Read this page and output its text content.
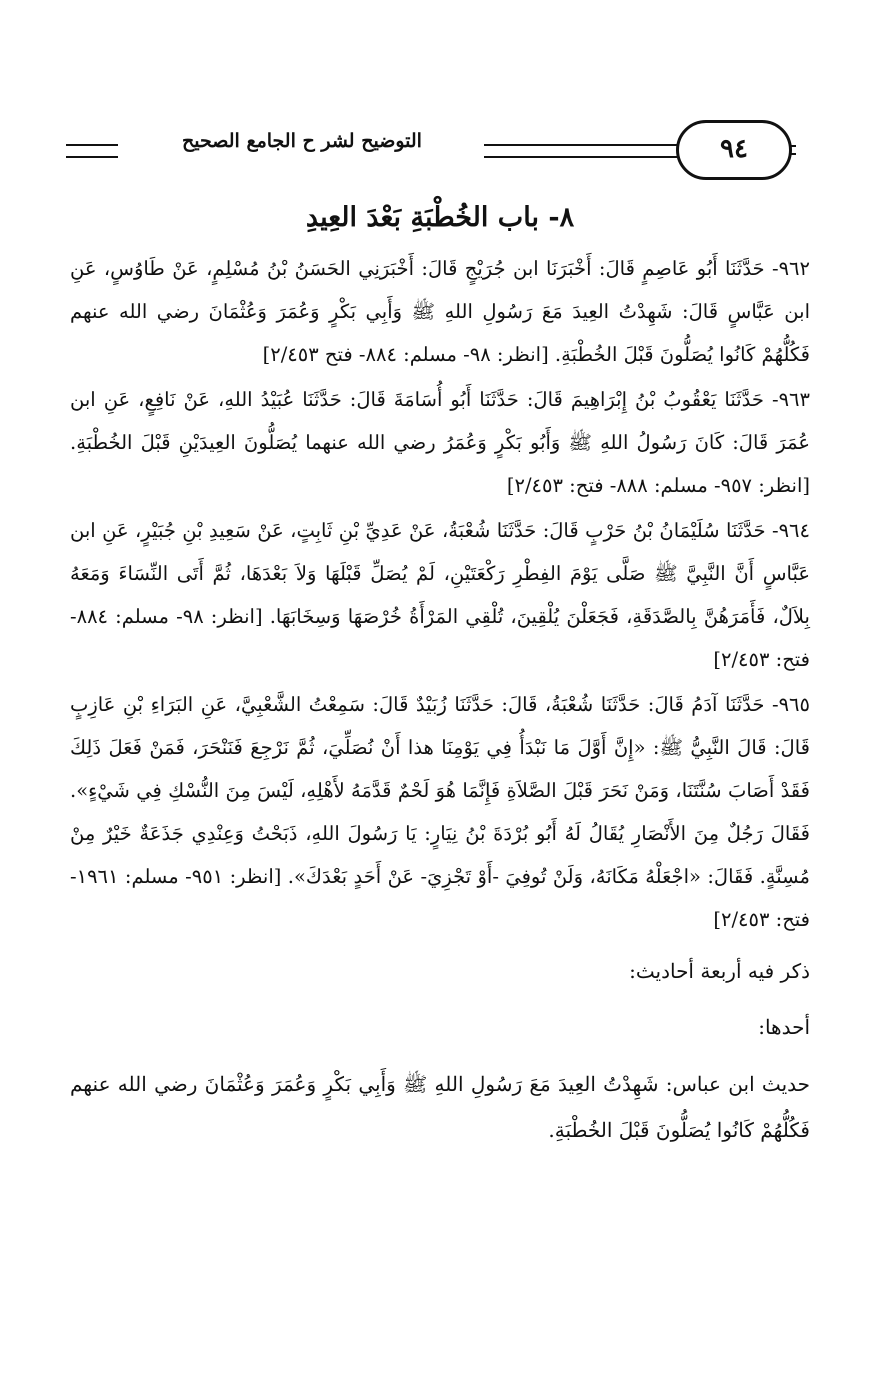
التوضيح لشر ح الجامع الصحيح	٩٤
٨- باب الخُطْبَةِ بَعْدَ العِيدِ

٩٦٢- حَدَّثَنَا أَبُو عَاصِمٍ قَالَ: أَخْبَرَنَا ابن جُرَيْجٍ قَالَ: أَخْبَرَنِي الحَسَنُ بْنُ مُسْلِمٍ، عَنْ طَاوُسٍ، عَنِ ابن عَبَّاسٍ قَالَ: شَهِدْتُ العِيدَ مَعَ رَسُولِ اللهِ ﷺ وَأَبِي بَكْرٍ وَعُمَرَ وَعُثْمَانَ رضي الله عنهم فَكُلُّهُمْ كَانُوا يُصَلُّونَ قَبْلَ الخُطْبَةِ. [انظر: ٩٨- مسلم: ٨٨٤- فتح ٢/٤٥٣]

٩٦٣- حَدَّثَنَا يَعْقُوبُ بْنُ إِبْرَاهِيمَ قَالَ: حَدَّثَنَا أَبُو أُسَامَةَ قَالَ: حَدَّثَنَا عُبَيْدُ اللهِ، عَنْ نَافِعٍ، عَنِ ابن عُمَرَ قَالَ: كَانَ رَسُولُ اللهِ ﷺ وَأَبُو بَكْرٍ وَعُمَرُ رضي الله عنهما يُصَلُّونَ العِيدَيْنِ قَبْلَ الخُطْبَةِ. [انظر: ٩٥٧- مسلم: ٨٨٨- فتح: ٢/٤٥٣]

٩٦٤- حَدَّثَنَا سُلَيْمَانُ بْنُ حَرْبٍ قَالَ: حَدَّثَنَا شُعْبَةُ، عَنْ عَدِيِّ بْنِ ثَابِتٍ، عَنْ سَعِيدِ بْنِ جُبَيْرٍ، عَنِ ابن عَبَّاسٍ أَنَّ النَّبِيَّ ﷺ صَلَّى يَوْمَ الفِطْرِ رَكْعَتَيْنِ، لَمْ يُصَلِّ قَبْلَهَا وَلاَ بَعْدَهَا، ثُمَّ أَتَى النِّسَاءَ وَمَعَهُ بِلاَلٌ، فَأَمَرَهُنَّ بِالصَّدَقَةِ، فَجَعَلْنَ يُلْقِينَ، تُلْقِي المَرْأَةُ خُرْصَهَا وَسِخَابَهَا. [انظر: ٩٨- مسلم: ٨٨٤- فتح: ٢/٤٥٣]

٩٦٥- حَدَّثَنَا آدَمُ قَالَ: حَدَّثَنَا شُعْبَةُ، قَالَ: حَدَّثَنَا زُبَيْدٌ قَالَ: سَمِعْتُ الشَّعْبِيَّ، عَنِ البَرَاءِ بْنِ عَازِبٍ قَالَ: قَالَ النَّبِيُّ ﷺ: «إِنَّ أَوَّلَ مَا نَبْدَأُ فِي يَوْمِنَا هذا أَنْ نُصَلِّيَ، ثُمَّ نَرْجِعَ فَنَنْحَرَ، فَمَنْ فَعَلَ ذَلِكَ فَقَدْ أَصَابَ سُنَّتَنَا، وَمَنْ نَحَرَ قَبْلَ الصَّلاَةِ فَإِنَّمَا هُوَ لَحْمٌ قَدَّمَهُ لأَهْلِهِ، لَيْسَ مِنَ النُّسْكِ فِي شَيْءٍ». فَقَالَ رَجُلٌ مِنَ الأَنْصَارِ يُقَالُ لَهُ أَبُو بُرْدَةَ بْنُ نِيَارٍ: يَا رَسُولَ اللهِ، ذَبَحْتُ وَعِنْدِي جَذَعَةٌ خَيْرٌ مِنْ مُسِنَّةٍ. فَقَالَ: «اجْعَلْهُ مَكَانَهُ، وَلَنْ تُوفِيَ -أَوْ تَجْزِيَ- عَنْ أَحَدٍ بَعْدَكَ». [انظر: ٩٥١- مسلم: ١٩٦١- فتح: ٢/٤٥٣]

ذكر فيه أربعة أحاديث:

أحدها:

حديث ابن عباس: شَهِدْتُ العِيدَ مَعَ رَسُولِ اللهِ ﷺ وَأَبِي بَكْرٍ وَعُمَرَ وَعُثْمَانَ رضي الله عنهم فَكُلُّهُمْ كَانُوا يُصَلُّونَ قَبْلَ الخُطْبَةِ.
